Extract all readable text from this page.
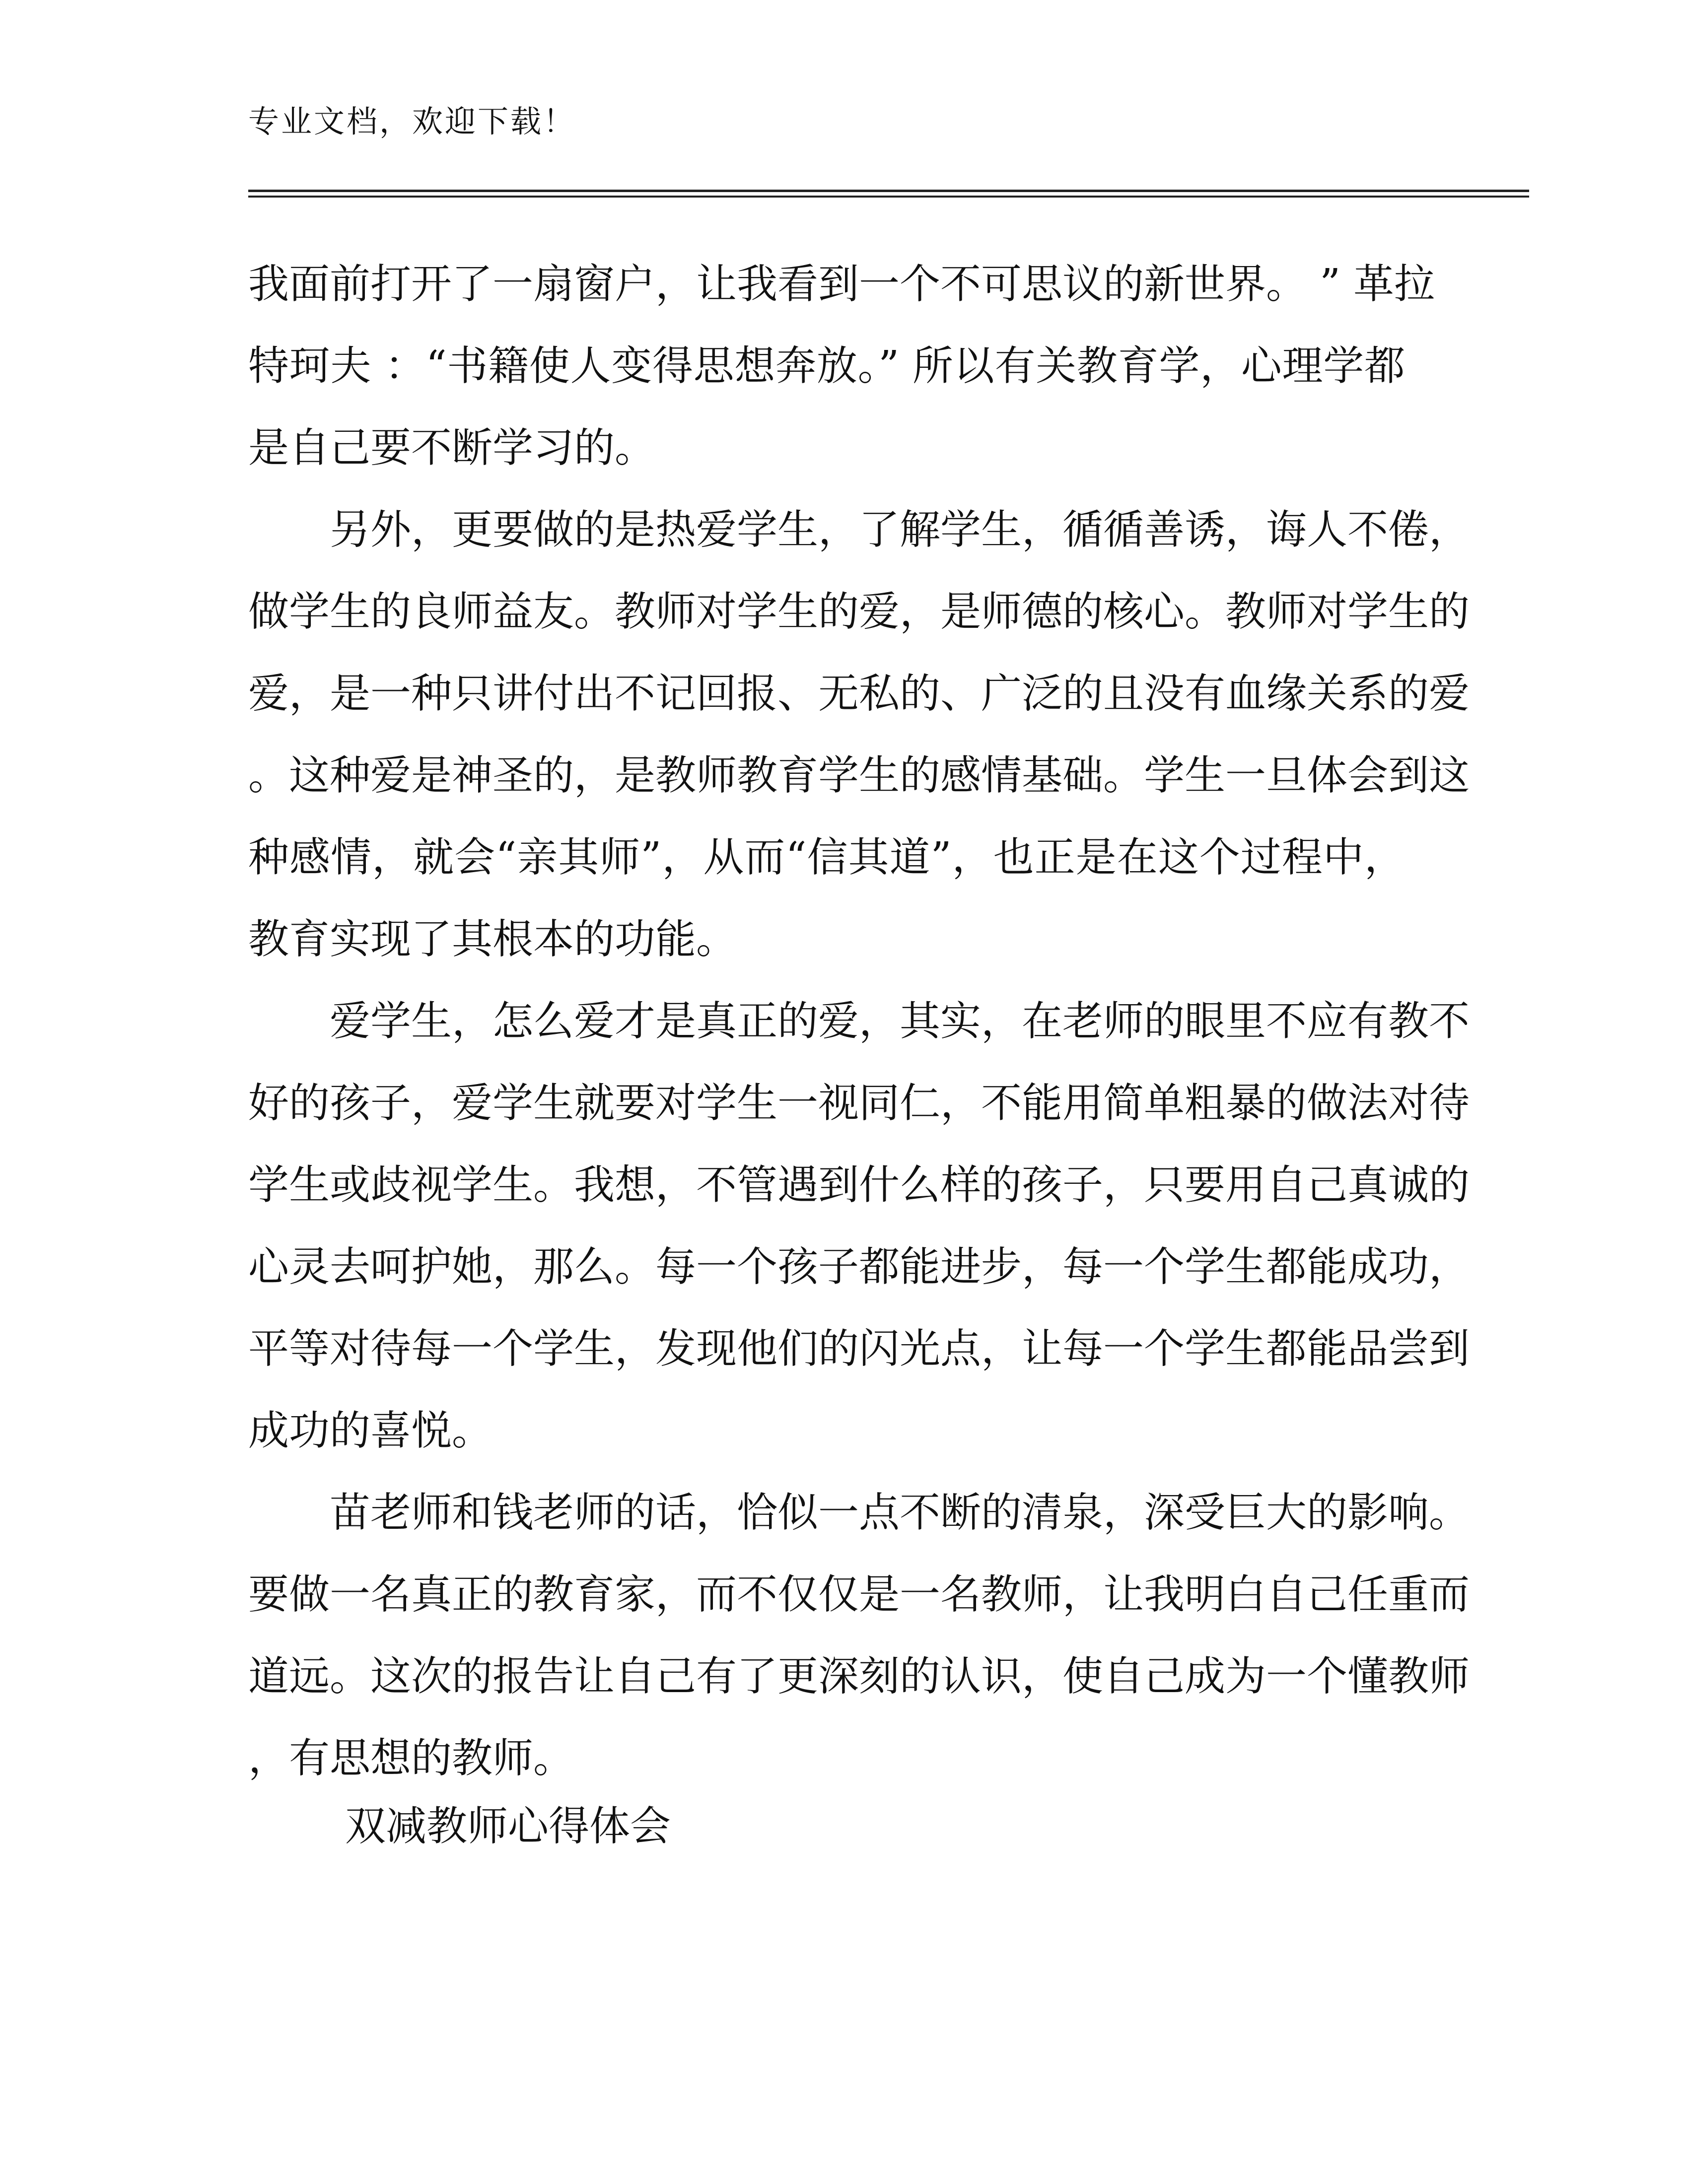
专业文档，欢迎下载！
我面前打开了一扇窗户，让我看到一个不可思议的新世界。 ” 革拉
特珂夫 ：“书籍使人变得思想奔放。” 所以有关教育学，心理学都
是自己要不断学习的。
另外，更要做的是热爱学生，了解学生，循循善诱，诲人不倦，
做学生的良师益友。教师对学生的爱，是师德的核心。教师对学生的
爱，是一种只讲付出不记回报、无私的、广泛的且没有血缘关系的爱
。这种爱是神圣的，是教师教育学生的感情基础。学生一旦体会到这
种感情，就会“亲其师”，从而“信其道”，也正是在这个过程中，
教育实现了其根本的功能。
爱学生，怎么爱才是真正的爱，其实，在老师的眼里不应有教不
好的孩子，爱学生就要对学生一视同仁，不能用简单粗暴的做法对待
学生或歧视学生。我想，不管遇到什么样的孩子，只要用自己真诚的
心灵去呵护她，那么。每一个孩子都能进步，每一个学生都能成功，
平等对待每一个学生，发现他们的闪光点，让每一个学生都能品尝到
成功的喜悦。
苗老师和钱老师的话，恰似一点不断的清泉，深受巨大的影响。
要做一名真正的教育家，而不仅仅是一名教师，让我明白自己任重而
道远。这次的报告让自己有了更深刻的认识，使自己成为一个懂教师
，有思想的教师。
双减教师心得体会
